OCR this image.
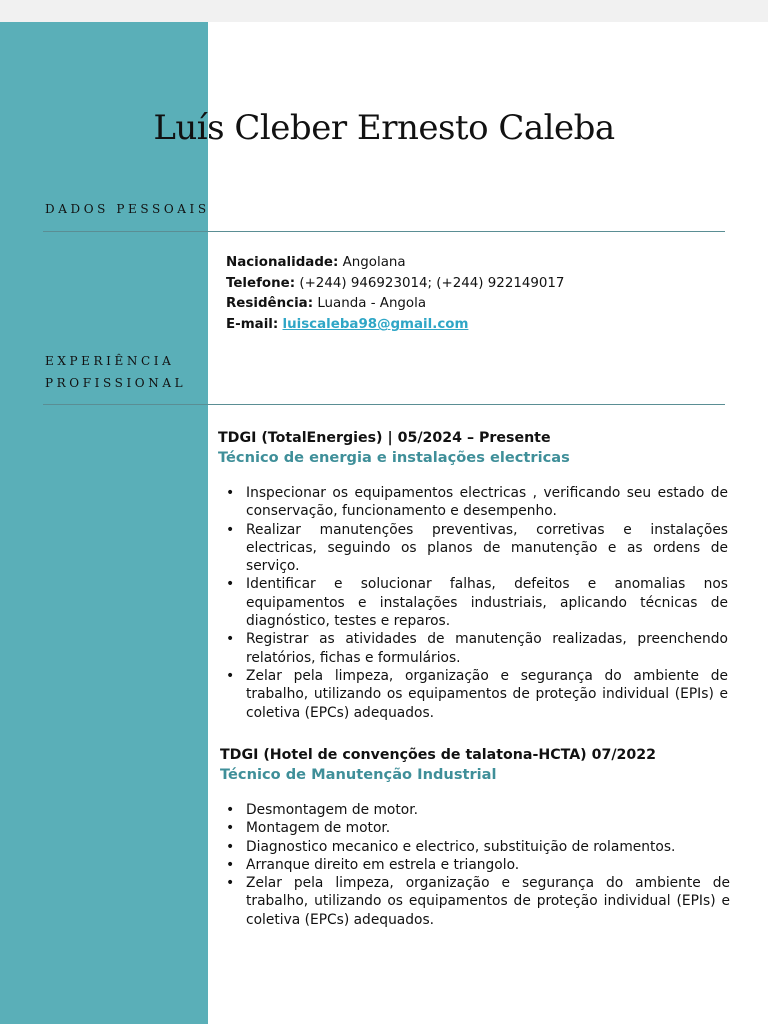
Luís Cleber Ernesto Caleba
DADOS PESSOAIS
Nacionalidade: Angolana
Telefone: (+244) 946923014; (+244) 922149017
Residência: Luanda - Angola
E-mail: luiscaleba98@gmail.com
EXPERIÊNCIA
PROFISSIONAL

TDGI (TotalEnergies) | 05/2024 – Presente

Técnico de energia e instalações electricas

• Inspecionar os equipamentos electricas , verificando seu estado de conservação, funcionamento e desempenho.
• Realizar manutenções preventivas, corretivas e instalações electricas, seguindo os planos de manutenção e as ordens de serviço.
• Identificar e solucionar falhas, defeitos e anomalias nos equipamentos e instalações industriais, aplicando técnicas de diagnóstico, testes e reparos.
• Registrar as atividades de manutenção realizadas, preenchendo relatórios, fichas e formulários.
• Zelar pela limpeza, organização e segurança do ambiente de trabalho, utilizando os equipamentos de proteção individual (EPIs) e coletiva (EPCs) adequados.

TDGI (Hotel de convenções de talatona-HCTA) 07/2022

Técnico de Manutenção Industrial

• Desmontagem de motor.
• Montagem de motor.
• Diagnostico mecanico e electrico, substituição de rolamentos.
• Arranque direito em estrela e triangolo.
• Zelar pela limpeza, organização e segurança do ambiente de trabalho, utilizando os equipamentos de proteção individual (EPIs) e coletiva (EPCs) adequados.
